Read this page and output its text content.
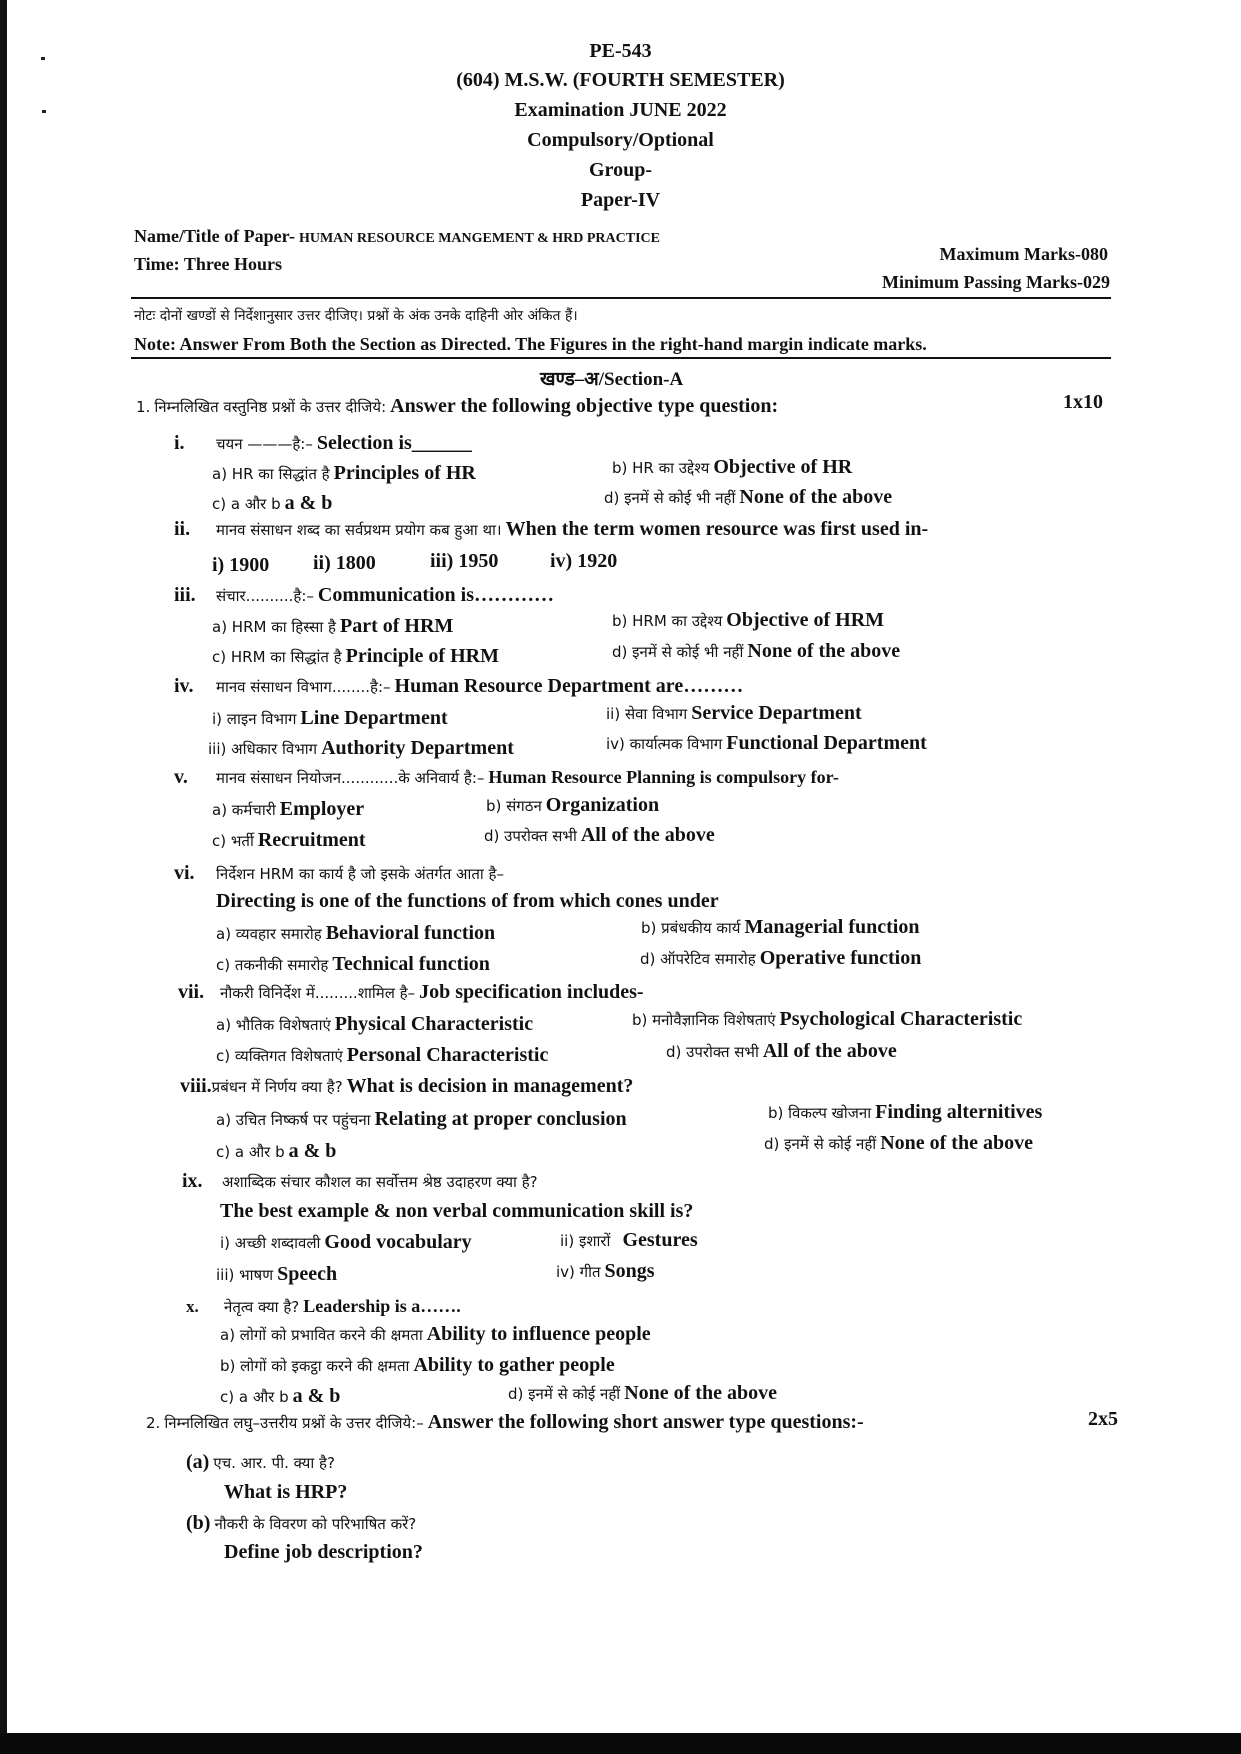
PE-543
(604) M.S.W. (FOURTH SEMESTER)
Examination JUNE 2022
Compulsory/Optional
Group-
Paper-IV
Name/Title of Paper- HUMAN RESOURCE MANGEMENT & HRD PRACTICE
Time: Three Hours	Maximum Marks-080
Minimum Passing Marks-029
नोटः दोनों खण्डों से निर्देशानुसार उत्तर दीजिए। प्रश्नों के अंक उनके दाहिनी ओर अंकित हैं।
Note: Answer From Both the Section as Directed. The Figures in the right-hand margin indicate marks.
खण्ड–अ/Section-A
1. निम्नलिखित वस्तुनिष्ठ प्रश्नों के उत्तर दीजिये: Answer the following objective type question:	1x10
i. चयन ———है:– Selection is______
a) HR का सिद्धांत है Principles of HR	b) HR का उद्देश्य Objective of HR
c) a और b a & b	d) इनमें से कोई भी नहीं None of the above
ii. मानव संसाधन शब्द का सर्वप्रथम प्रयोग कब हुआ था। When the term women resource was first used in-
i) 1900 ii) 1800	iii) 1950	iv) 1920
iii. संचार..........है:– Communication is…………
a) HRM का हिस्सा है Part of HRM	b) HRM का उद्देश्य Objective of HRM
c) HRM का सिद्धांत है Principle of HRM	d) इनमें से कोई भी नहीं None of the above
iv. मानव संसाधन विभाग........है:– Human Resource Department are………
i) लाइन विभाग Line Department	ii) सेवा विभाग Service Department
iii) अधिकार विभाग Authority Department	iv) कार्यात्मक विभाग Functional Department
v. मानव संसाधन नियोजन............के अनिवार्य है:– Human Resource Planning is compulsory for-
a) कर्मचारी Employer	b) संगठन Organization
c) भर्ती Recruitment	d) उपरोक्त सभी All of the above
vi. निर्देशन HRM का कार्य है जो इसके अंतर्गत आता है–
Directing is one of the functions of from which cones under
a) व्यवहार समारोह Behavioral function	b) प्रबंधकीय कार्य Managerial function
c) तकनीकी समारोह Technical function	d) ऑपरेटिव समारोह Operative function
vii. नौकरी विनिर्देश में.........शामिल है– Job specification includes-
a) भौतिक विशेषताएं Physical Characteristic	b) मनोवैज्ञानिक विशेषताएं Psychological Characteristic
c) व्यक्तिगत विशेषताएं Personal Characteristic	d) उपरोक्त सभी All of the above
viii.प्रबंधन में निर्णय क्या है? What is decision in management?
a) उचित निष्कर्ष पर पहुंचना Relating at proper conclusion	b) विकल्प खोजना Finding alternitives
c) a और b a & b	d) इनमें से कोई नहीं None of the above
ix. अशाब्दिक संचार कौशल का सर्वोत्तम श्रेष्ठ उदाहरण क्या है?
The best example & non verbal communication skill is?
i) अच्छी शब्दावली Good vocabulary	ii) इशारों Gestures
iii) भाषण Speech	iv) गीत Songs
x. नेतृत्व क्या है? Leadership is a…….
a) लोगों को प्रभावित करने की क्षमता Ability to influence people
b) लोगों को इकट्ठा करने की क्षमता Ability to gather people
c) a और b a & b	d) इनमें से कोई नहीं None of the above
2. निम्नलिखित लघु–उत्तरीय प्रश्नों के उत्तर दीजिये:– Answer the following short answer type questions:-	2x5
(a) एच. आर. पी. क्या है?
What is HRP?
(b) नौकरी के विवरण को परिभाषित करें?
Define job description?
